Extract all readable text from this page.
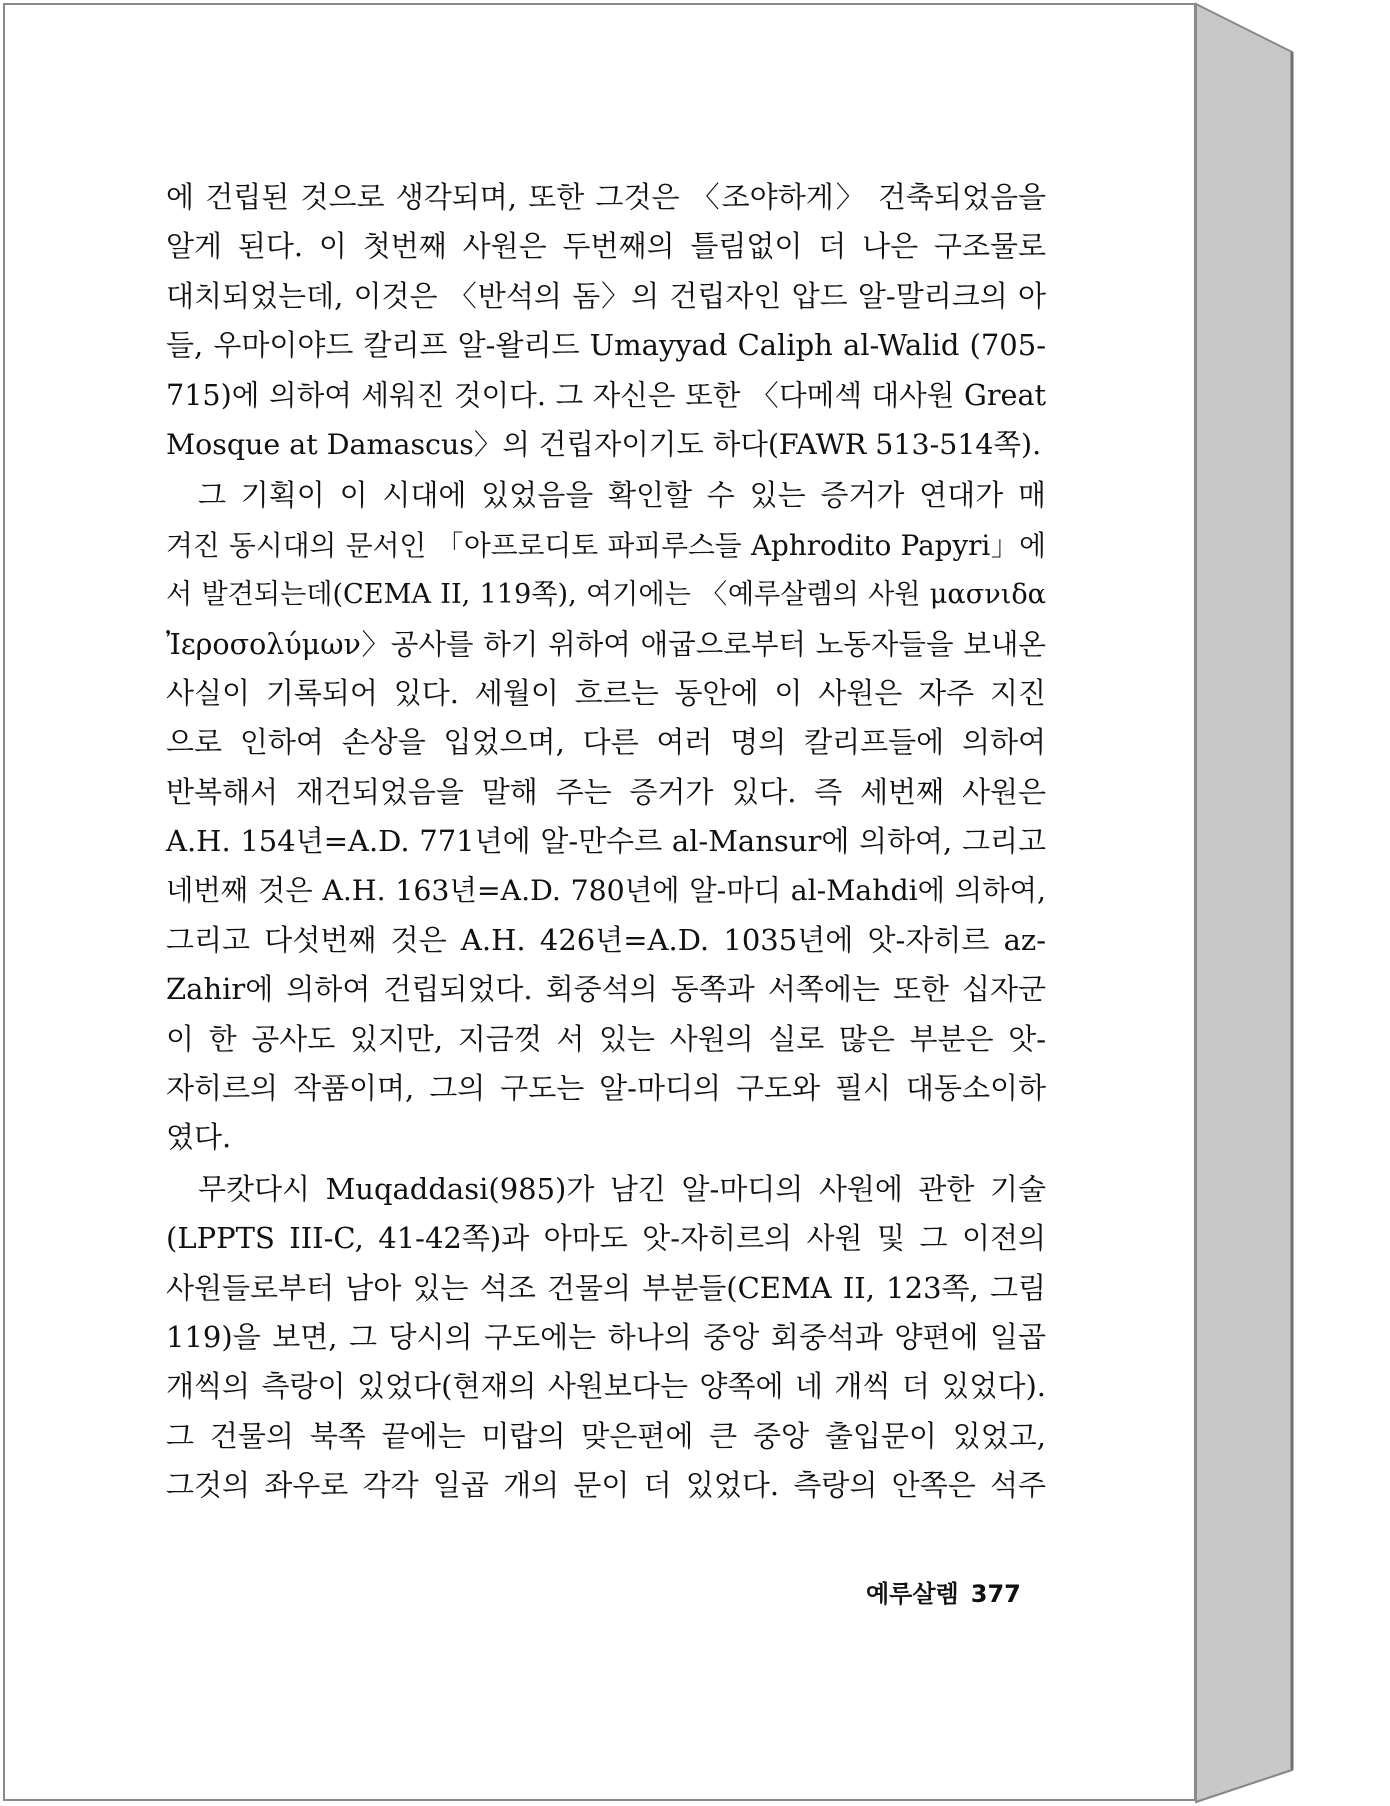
에 건립된 것으로 생각되며, 또한 그것은 〈조야하게〉 건축되었음을
알게 된다. 이 첫번째 사원은 두번째의 틀림없이 더 나은 구조물로
대치되었는데, 이것은 〈반석의 돔〉의 건립자인 압드 알-말리크의 아
들, 우마이야드 칼리프 알-왈리드 Umayyad Caliph al-Walid (705-
715)에 의하여 세워진 것이다. 그 자신은 또한 〈다메섹 대사원 Great
Mosque at Damascus〉의 건립자이기도 하다(FAWR 513-514쪽).
그 기획이 이 시대에 있었음을 확인할 수 있는 증거가 연대가 매
겨진 동시대의 문서인 「아프로디토 파피루스들 Aphrodito Papyri」에
서 발견되는데(CEMA II, 119쪽), 여기에는 〈예루살렘의 사원 μασνιδα
Ἰεροσολύμων〉공사를 하기 위하여 애굽으로부터 노동자들을 보내온
사실이 기록되어 있다. 세월이 흐르는 동안에 이 사원은 자주 지진
으로 인하여 손상을 입었으며, 다른 여러 명의 칼리프들에 의하여
반복해서 재건되었음을 말해 주는 증거가 있다. 즉 세번째 사원은
A.H. 154년=A.D. 771년에 알-만수르 al-Mansur에 의하여, 그리고
네번째 것은 A.H. 163년=A.D. 780년에 알-마디 al-Mahdi에 의하여,
그리고 다섯번째 것은 A.H. 426년=A.D. 1035년에 앗-자히르 az-
Zahir에 의하여 건립되었다. 회중석의 동쪽과 서쪽에는 또한 십자군
이 한 공사도 있지만, 지금껏 서 있는 사원의 실로 많은 부분은 앗-
자히르의 작품이며, 그의 구도는 알-마디의 구도와 필시 대동소이하
였다.
무캇다시 Muqaddasi(985)가 남긴 알-마디의 사원에 관한 기술
(LPPTS III-C, 41-42쪽)과 아마도 앗-자히르의 사원 및 그 이전의
사원들로부터 남아 있는 석조 건물의 부분들(CEMA II, 123쪽, 그림
119)을 보면, 그 당시의 구도에는 하나의 중앙 회중석과 양편에 일곱
개씩의 측랑이 있었다(현재의 사원보다는 양쪽에 네 개씩 더 있었다).
그 건물의 북쪽 끝에는 미랍의 맞은편에 큰 중앙 출입문이 있었고,
그것의 좌우로 각각 일곱 개의 문이 더 있었다. 측랑의 안쪽은 석주
예루살렘 377
